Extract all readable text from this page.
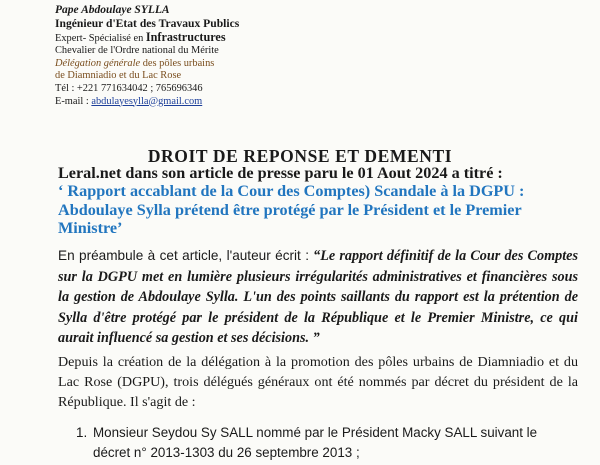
Pape Abdoulaye SYLLA
Ingénieur d'Etat des Travaux Publics
Expert- Spécialisé en Infrastructures
Chevalier de l'Ordre national du Mérite
Délégation générale des pôles urbains
de Diamniadio et du Lac Rose
Tél : +221 771634042 ; 765696346
E-mail : abdulayesylla@gmail.com
DROIT DE REPONSE ET DEMENTI
Leral.net dans son article de presse paru le 01 Aout 2024 a titré :
‘ Rapport accablant de la Cour des Comptes) Scandale à la DGPU :
Abdoulaye Sylla prétend être protégé par le Président et le Premier
Ministre’
En préambule à cet article, l'auteur écrit : “Le rapport définitif de la Cour des Comptes sur la DGPU met en lumière plusieurs irrégularités administratives et financières sous la gestion de Abdoulaye Sylla. L'un des points saillants du rapport est la prétention de Sylla d'être protégé par le président de la République et le Premier Ministre, ce qui aurait influencé sa gestion et ses décisions. ”
Depuis la création de la délégation à la promotion des pôles urbains de Diamniadio et du Lac Rose (DGPU), trois délégués généraux ont été nommés par décret du président de la République. Il s'agit de :
1. Monsieur Seydou Sy SALL nommé par le Président Macky SALL suivant le
décret n° 2013-1303 du 26 septembre 2013 ;
